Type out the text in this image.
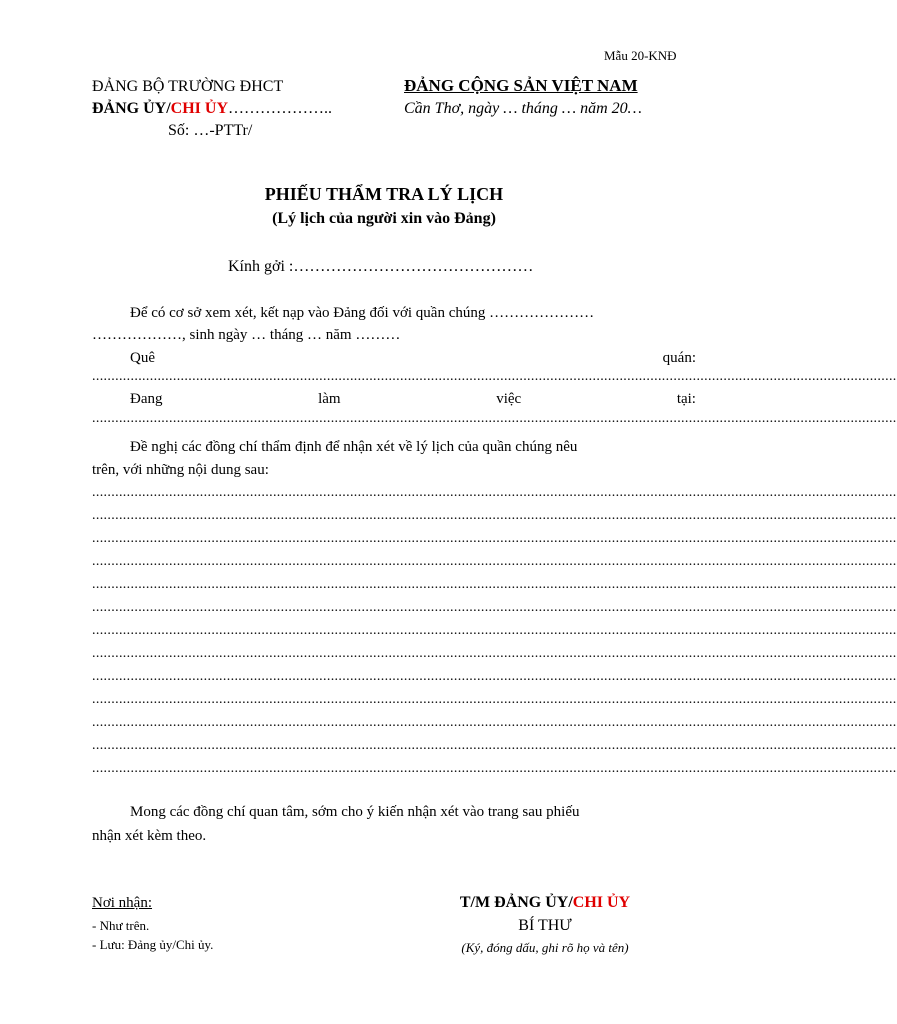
Mẫu 20-KNĐ
ĐẢNG BỘ TRƯỜNG ĐHCT
ĐẢNG ỦY/CHI ỦY………………..
Số: …-PTTr/
ĐẢNG CỘNG SẢN VIỆT NAM
Cần Thơ, ngày … tháng … năm 20…
PHIẾU THẨM TRA LÝ LỊCH
(Lý lịch của người xin vào Đảng)
Kính gởi :………………………………………
Để có cơ sở xem xét, kết nạp vào Đảng đối với quần chúng …………………
………………, sinh ngày … tháng … năm ………
Quê	quán:
.................................................................................................................................................................................................................
Đang	làm	việc	tại:
.................................................................................................................................................................................................................
Đề nghị các đồng chí thẩm định để nhận xét về lý lịch của quần chúng nêu
trên, với những nội dung sau:
.................................................................................................................................................................................................................
.................................................................................................................................................................................................................
.................................................................................................................................................................................................................
.................................................................................................................................................................................................................
.................................................................................................................................................................................................................
.................................................................................................................................................................................................................
.................................................................................................................................................................................................................
.................................................................................................................................................................................................................
.................................................................................................................................................................................................................
.................................................................................................................................................................................................................
.................................................................................................................................................................................................................
.................................................................................................................................................................................................................
.................................................................................................................................................................................................................
Mong các đồng chí quan tâm, sớm cho ý kiến nhận xét vào trang sau phiếu
nhận xét kèm theo.
Nơi nhận:
- Như trên.
- Lưu: Đảng ủy/Chi ủy.
T/M ĐẢNG ỦY/CHI ỦY
BÍ THƯ
(Ký, đóng dấu, ghi rõ họ và tên)
